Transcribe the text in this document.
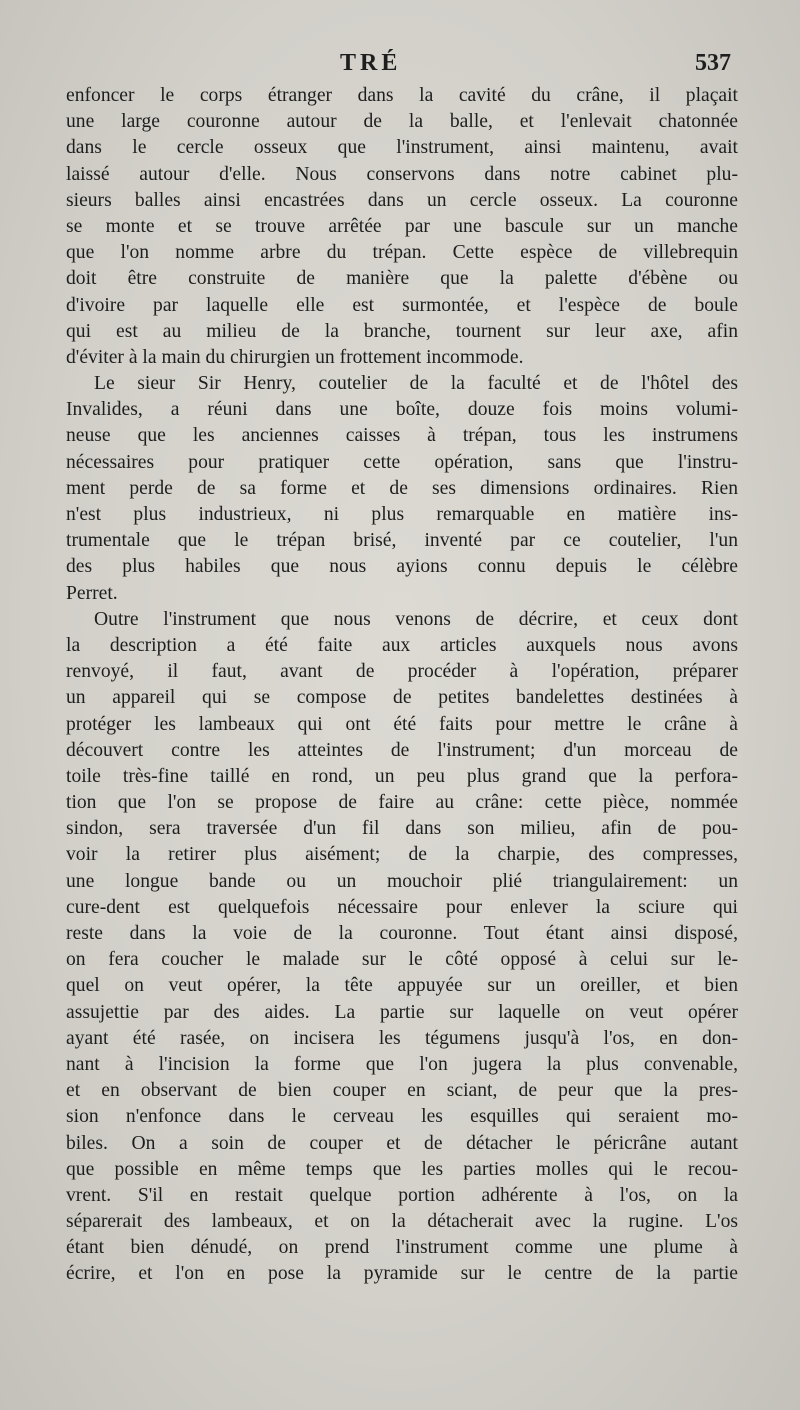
TRÉ	537
enfoncer le corps étranger dans la cavité du crâne, il plaçait
une large couronne autour de la balle, et l'enlevait chatonnée
dans le cercle osseux que l'instrument, ainsi maintenu, avait
laissé autour d'elle. Nous conservons dans notre cabinet plu-
sieurs balles ainsi encastrées dans un cercle osseux. La couronne
se monte et se trouve arrêtée par une bascule sur un manche
que l'on nomme arbre du trépan. Cette espèce de villebrequin
doit être construite de manière que la palette d'ébène ou
d'ivoire par laquelle elle est surmontée, et l'espèce de boule
qui est au milieu de la branche, tournent sur leur axe, afin
d'éviter à la main du chirurgien un frottement incommode.
Le sieur Sir Henry, coutelier de la faculté et de l'hôtel des
Invalides, a réuni dans une boîte, douze fois moins volumi-
neuse que les anciennes caisses à trépan, tous les instrumens
nécessaires pour pratiquer cette opération, sans que l'instru-
ment perde de sa forme et de ses dimensions ordinaires. Rien
n'est plus industrieux, ni plus remarquable en matière ins-
trumentale que le trépan brisé, inventé par ce coutelier, l'un
des plus habiles que nous ayions connu depuis le célèbre
Perret.
Outre l'instrument que nous venons de décrire, et ceux dont
la description a été faite aux articles auxquels nous avons
renvoyé, il faut, avant de procéder à l'opération, préparer
un appareil qui se compose de petites bandelettes destinées à
protéger les lambeaux qui ont été faits pour mettre le crâne à
découvert contre les atteintes de l'instrument; d'un morceau de
toile très-fine taillé en rond, un peu plus grand que la perfora-
tion que l'on se propose de faire au crâne: cette pièce, nommée
sindon, sera traversée d'un fil dans son milieu, afin de pou-
voir la retirer plus aisément; de la charpie, des compresses,
une longue bande ou un mouchoir plié triangulairement: un
cure-dent est quelquefois nécessaire pour enlever la sciure qui
reste dans la voie de la couronne. Tout étant ainsi disposé,
on fera coucher le malade sur le côté opposé à celui sur le-
quel on veut opérer, la tête appuyée sur un oreiller, et bien
assujettie par des aides. La partie sur laquelle on veut opérer
ayant été rasée, on incisera les tégumens jusqu'à l'os, en don-
nant à l'incision la forme que l'on jugera la plus convenable,
et en observant de bien couper en sciant, de peur que la pres-
sion n'enfonce dans le cerveau les esquilles qui seraient mo-
biles. On a soin de couper et de détacher le péricrâne autant
que possible en même temps que les parties molles qui le recou-
vrent. S'il en restait quelque portion adhérente à l'os, on la
séparerait des lambeaux, et on la détacherait avec la rugine. L'os
étant bien dénudé, on prend l'instrument comme une plume à
écrire, et l'on en pose la pyramide sur le centre de la partie
